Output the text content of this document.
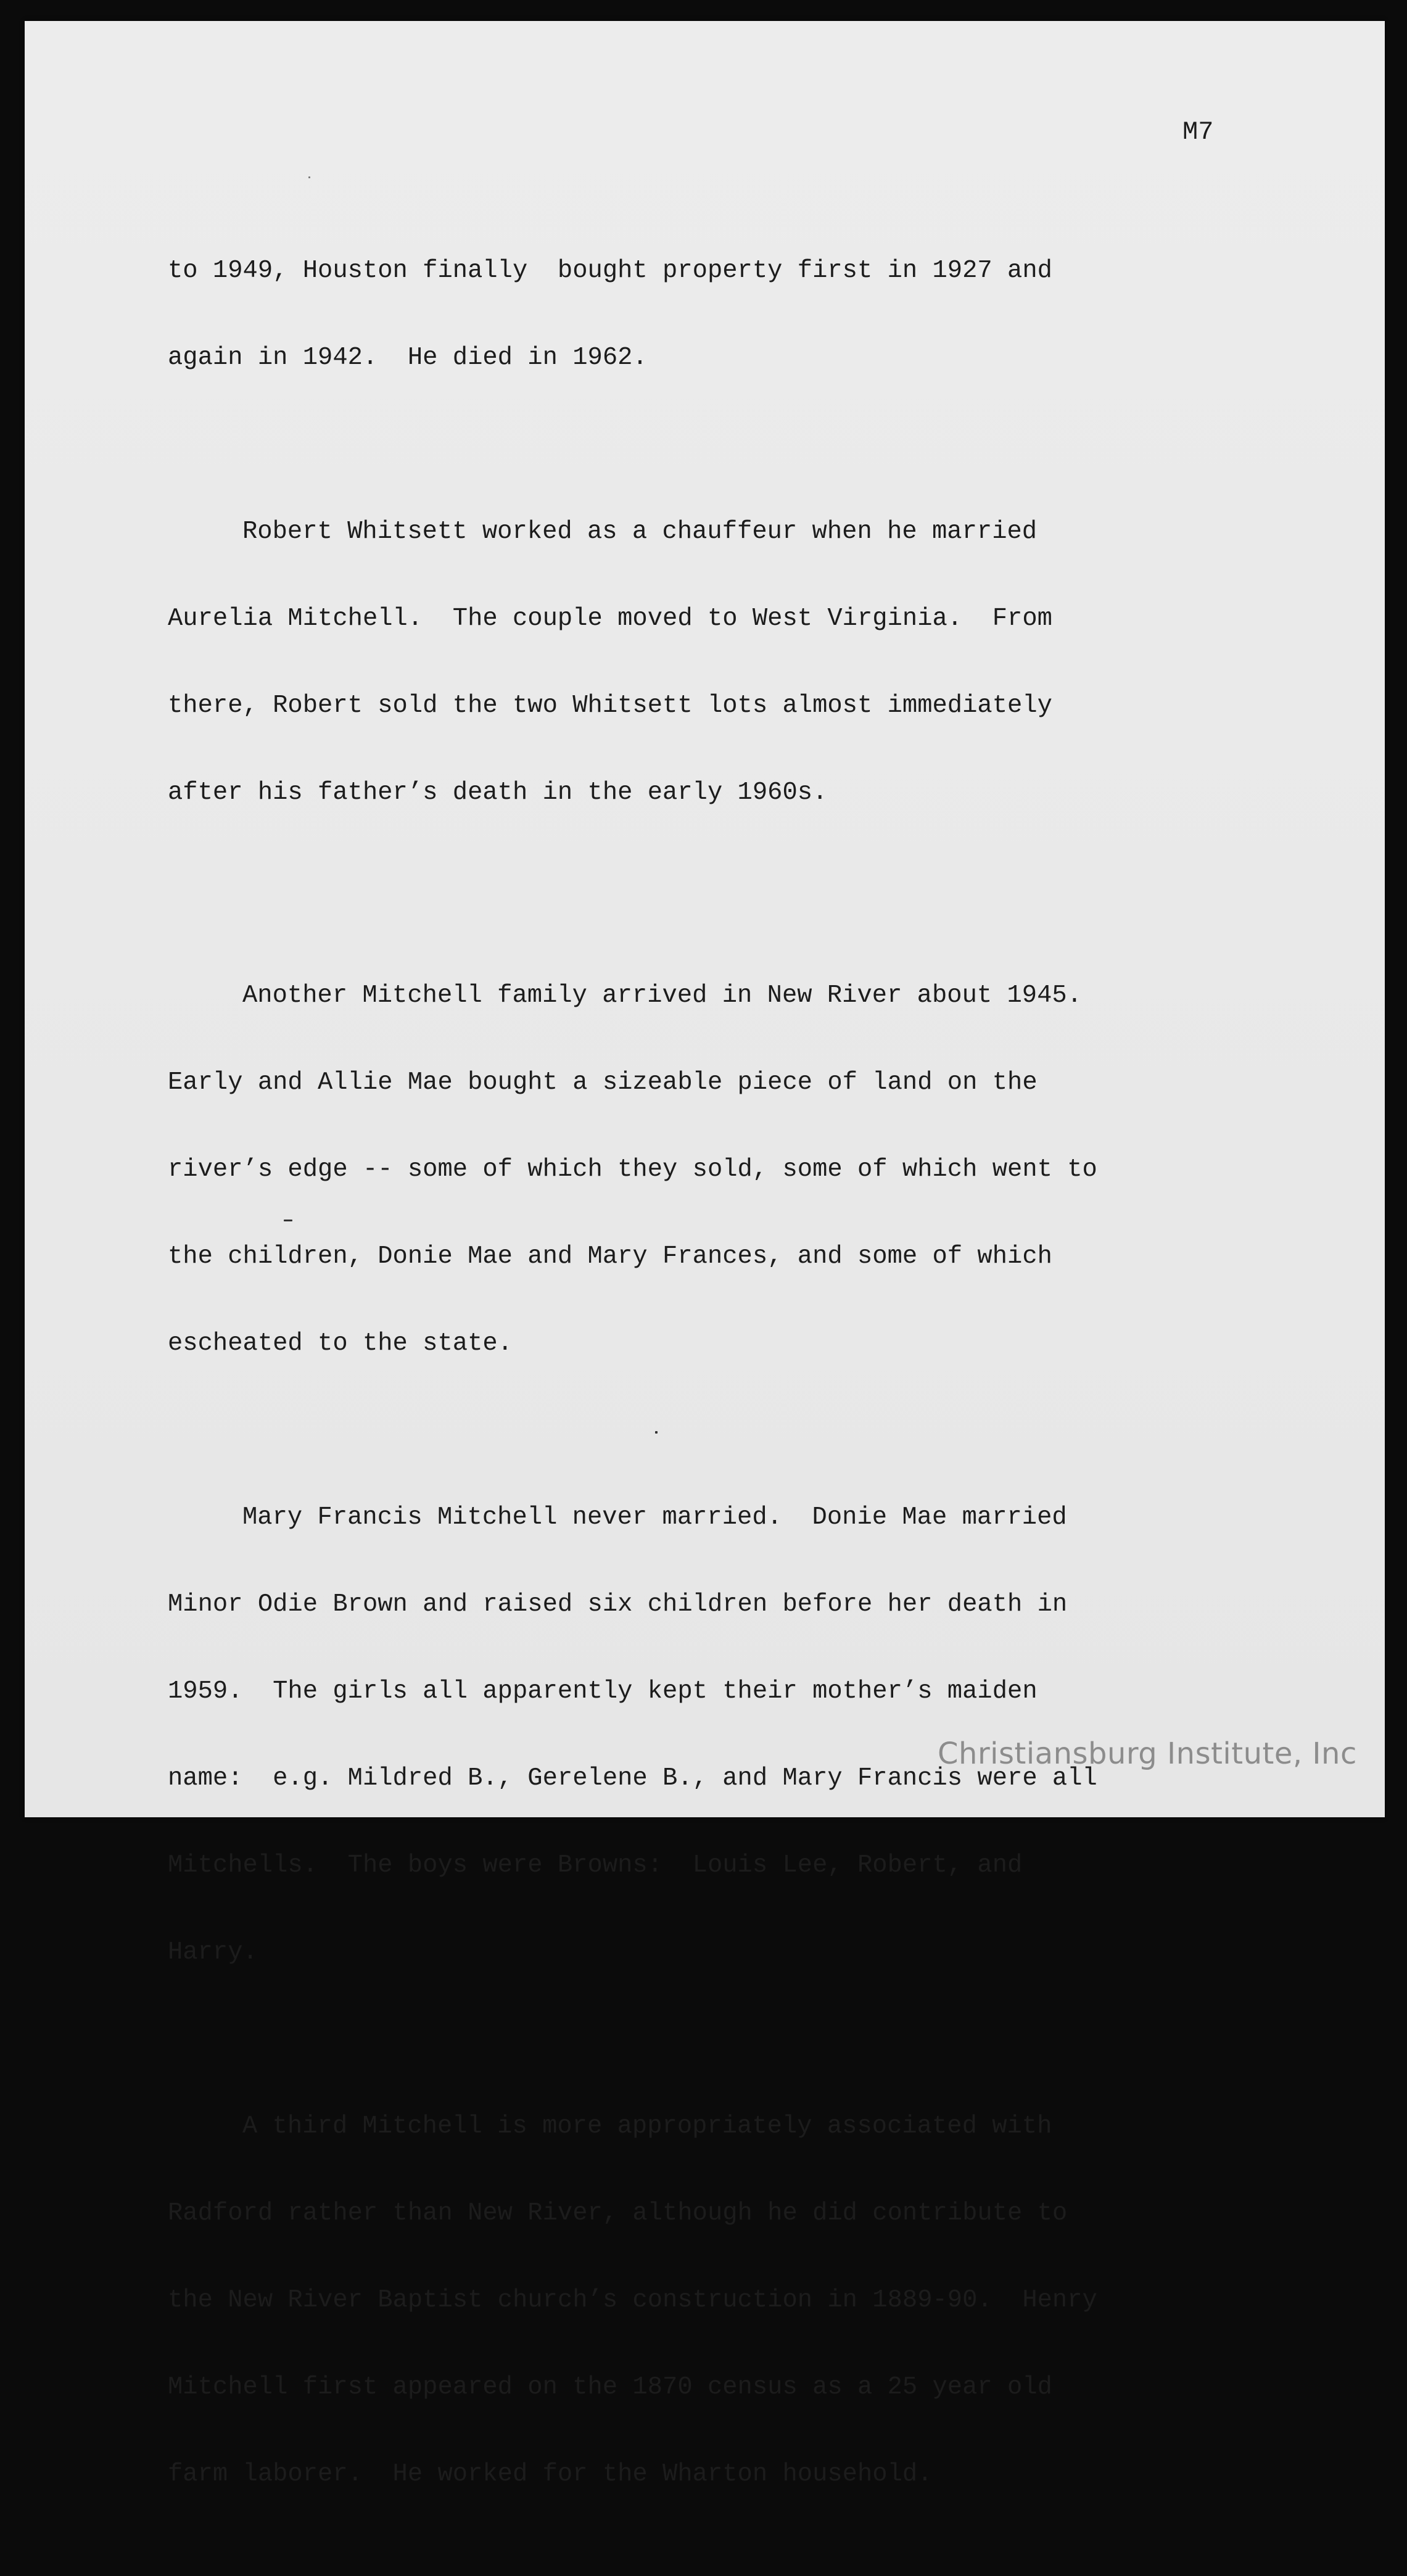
M7

to 1949, Houston finally  bought property first in 1927 and

again in 1942.  He died in 1962.

Robert Whitsett worked as a chauffeur when he married

Aurelia Mitchell.  The couple moved to West Virginia.  From

there, Robert sold the two Whitsett lots almost immediately

after his father’s death in the early 1960s.

Another Mitchell family arrived in New River about 1945.

Early and Allie Mae bought a sizeable piece of land on the

river’s edge -- some of which they sold, some of which went to

the children, Donie Mae and Mary Frances, and some of which

escheated to the state.

Mary Francis Mitchell never married.  Donie Mae married

Minor Odie Brown and raised six children before her death in

1959.  The girls all apparently kept their mother’s maiden

name:  e.g. Mildred B., Gerelene B., and Mary Francis were all

Mitchells.  The boys were Browns:  Louis Lee, Robert, and

Harry.

A third Mitchell is more appropriately associated with

Radford rather than New River, although he did contribute to

the New River Baptist church’s construction in 1889-90.  Henry

Mitchell first appeared on the 1870 census as a 25 year old

farm laborer.  He worked for the Wharton household.

Christiansburg Institute, Inc
